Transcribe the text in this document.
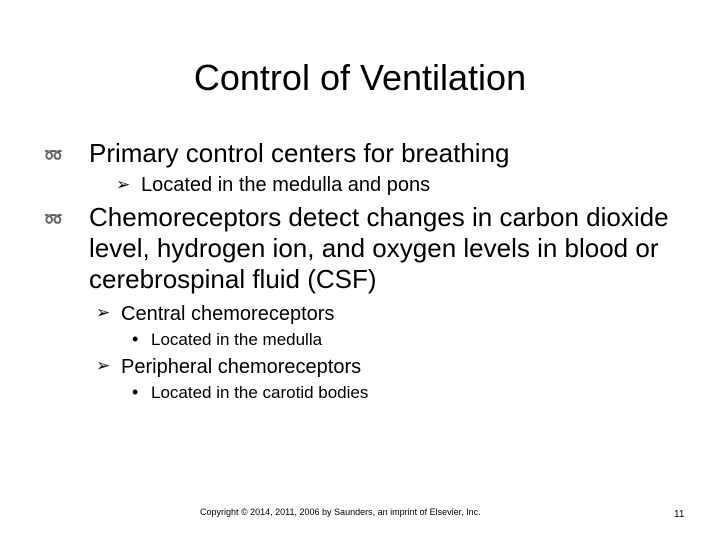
Control of Ventilation
➿ Primary control centers for breathing
➢ Located in the medulla and pons
➿ Chemoreceptors detect changes in carbon dioxide level, hydrogen ion, and oxygen levels in blood or cerebrospinal fluid (CSF)
➢ Central chemoreceptors
• Located in the medulla
➢ Peripheral chemoreceptors
• Located in the carotid bodies
Copyright © 2014, 2011, 2006 by Saunders, an imprint of Elsevier, Inc.	11
